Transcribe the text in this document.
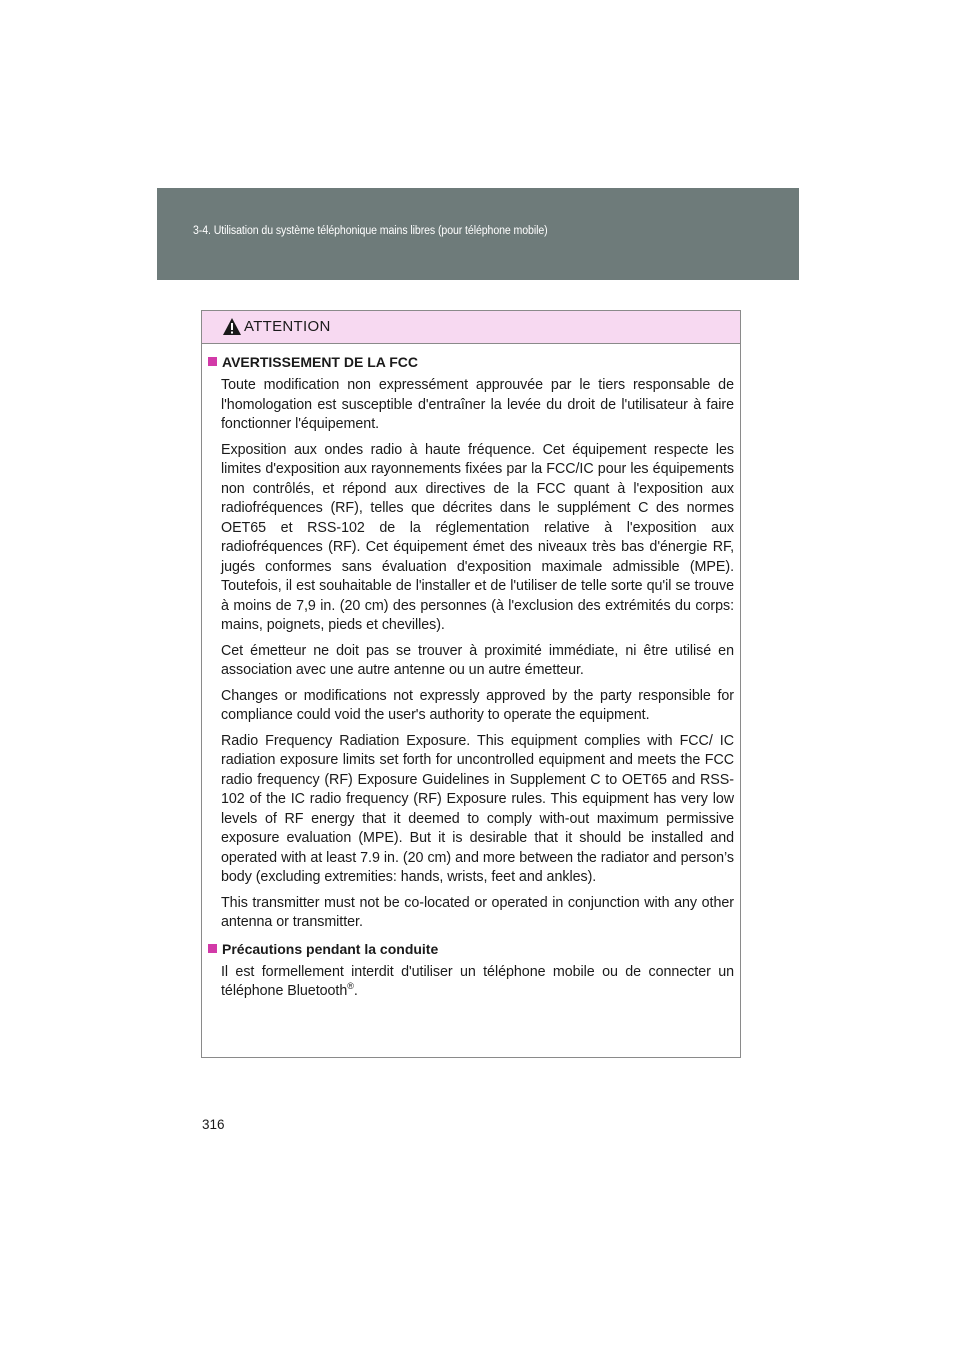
3-4. Utilisation du système téléphonique mains libres (pour téléphone mobile)
ATTENTION
AVERTISSEMENT DE LA FCC

Toute modification non expressément approuvée par le tiers responsable de l'homologation est susceptible d'entraîner la levée du droit de l'utilisateur à faire fonctionner l'équipement.

Exposition aux ondes radio à haute fréquence. Cet équipement respecte les limites d'exposition aux rayonnements fixées par la FCC/IC pour les équipements non contrôlés, et répond aux directives de la FCC quant à l'exposition aux radiofréquences (RF), telles que décrites dans le supplément C des normes OET65 et RSS-102 de la réglementation relative à l'exposition aux radiofréquences (RF). Cet équipement émet des niveaux très bas d'énergie RF, jugés conformes sans évaluation d'exposition maximale admissible (MPE). Toutefois, il est souhaitable de l'installer et de l'utiliser de telle sorte qu'il se trouve à moins de 7,9 in. (20 cm) des personnes (à l'exclusion des extrémités du corps: mains, poignets, pieds et chevilles).

Cet émetteur ne doit pas se trouver à proximité immédiate, ni être utilisé en association avec une autre antenne ou un autre émetteur.

Changes or modifications not expressly approved by the party responsible for compliance could void the user's authority to operate the equipment.

Radio Frequency Radiation Exposure. This equipment complies with FCC/ IC radiation exposure limits set forth for uncontrolled equipment and meets the FCC radio frequency (RF) Exposure Guidelines in Supplement C to OET65 and RSS-102 of the IC radio frequency (RF) Exposure rules. This equipment has very low levels of RF energy that it deemed to comply with-out maximum permissive exposure evaluation (MPE). But it is desirable that it should be installed and operated with at least 7.9 in. (20 cm) and more between the radiator and person’s body (excluding extremities: hands, wrists, feet and ankles).

This transmitter must not be co-located or operated in conjunction with any other antenna or transmitter.

Précautions pendant la conduite

Il est formellement interdit d'utiliser un téléphone mobile ou de connecter un téléphone Bluetooth®.

316
